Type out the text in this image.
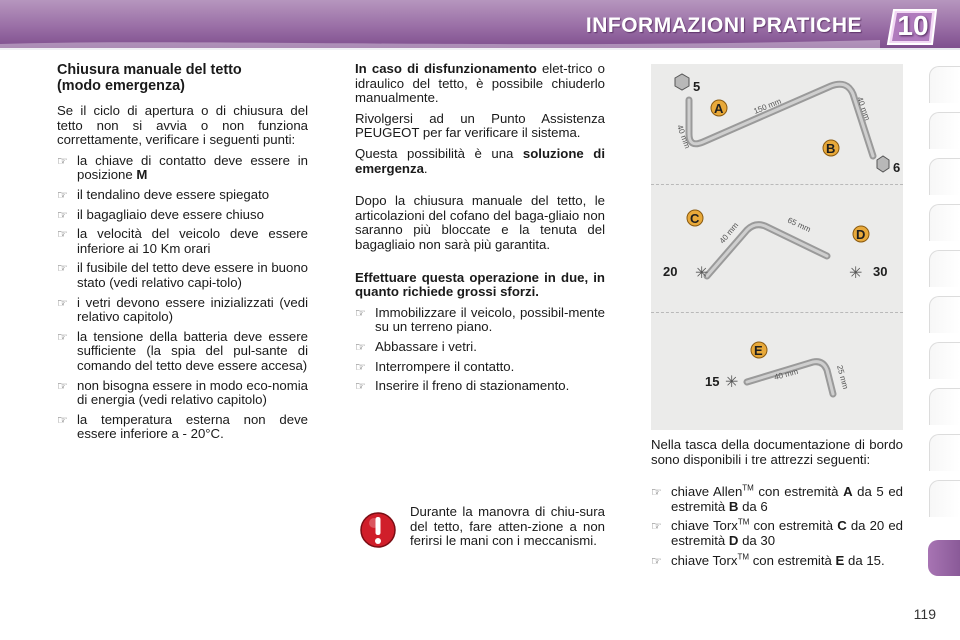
INFORMAZIONI PRATICHE 10
Chiusura manuale del tetto
(modo emergenza)

Se il ciclo di apertura o di chiusura del tetto non si avvia o non funziona correttamente, verificare i seguenti punti:

☞ la chiave di contatto deve essere in posizione M
☞ il tendalino deve essere spiegato
☞ il bagagliaio deve essere chiuso
☞ la velocità del veicolo deve essere inferiore ai 10 Km orari
☞ il fusibile del tetto deve essere in buono stato (vedi relativo capi-tolo)
☞ i vetri devono essere inizializzati (vedi relativo capitolo)
☞ la tensione della batteria deve essere sufficiente (la spia del pul-sante di comando del tetto deve essere accesa)
☞ non bisogna essere in modo eco-nomia di energia (vedi relativo capitolo)
☞ la temperatura esterna non deve essere inferiore a - 20°C.

In caso di disfunzionamento elet-trico o idraulico del tetto, è possibile chiuderlo manualmente.

Rivolgersi ad un Punto Assistenza PEUGEOT per far verificare il sistema.

Questa possibilità è una soluzione di emergenza.

Dopo la chiusura manuale del tetto, le articolazioni del cofano del baga-gliaio non saranno più bloccate e la tenuta del bagagliaio non sarà più garantita.

Effettuare questa operazione in due, in quanto richiede grossi sforzi.

☞ Immobilizzare il veicolo, possibil-mente su un terreno piano.
☞ Abbassare i vetri.
☞ Interrompere il contatto.
☞ Inserire il freno di stazionamento.

Durante la manovra di chiu-sura del tetto, fare atten-zione a non ferirsi le mani con i meccanismi.

5
6
A
B
40 mm
150 mm	40 mm
C
D
20	30
40 mm	65 mm
✳	✳
E
15 ✳	40 mm	25 mm

Nella tasca della documentazione di bordo sono disponibili i tre attrezzi seguenti:

☞ chiave Allen™ con estremità A da 5 ed estremità B da 6
☞ chiave Torx™ con estremità C da 20 ed estremità D da 30
☞ chiave Torx™ con estremità E da 15.
119
